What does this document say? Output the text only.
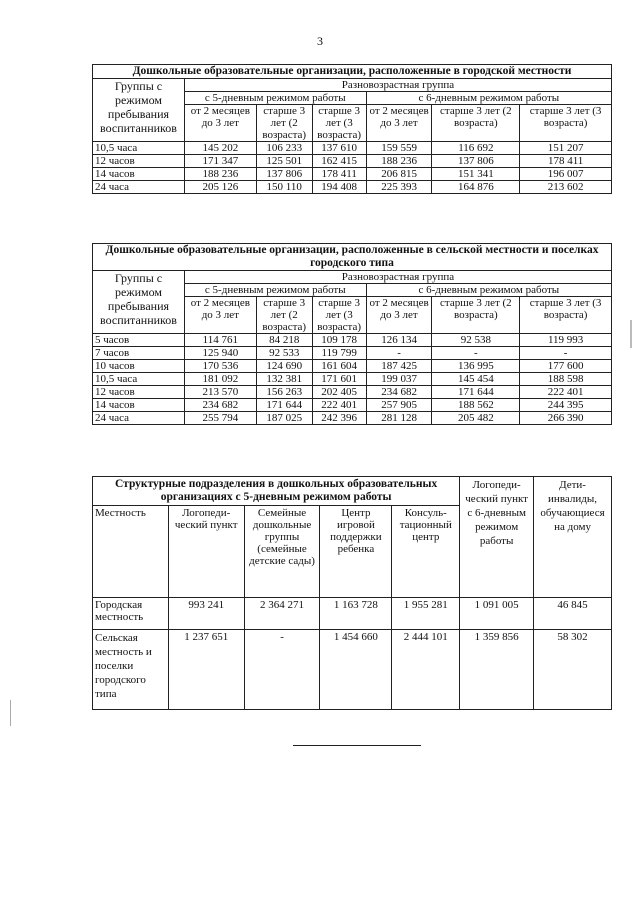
3
Дошкольные образовательные организации, расположенные в городской местности						
Группы с режимом пребывания воспитанников	Разновозрастная группа					
	с 5-дневным режимом работы			с 6-дневным режимом работы		
	от 2 месяцев до 3 лет	старше 3 лет (2 возраста)	старше 3 лет (3 возраста)	от 2 месяцев до 3 лет	старше 3 лет (2 возраста)	старше 3 лет (3 возраста)
10,5 часа	145 202	106 233	137 610	159 559	116 692	151 207
12 часов	171 347	125 501	162 415	188 236	137 806	178 411
14 часов	188 236	137 806	178 411	206 815	151 341	196 007
24 часа	205 126	150 110	194 408	225 393	164 876	213 602
Дошкольные образовательные организации, расположенные в сельской местности и поселках городского типа						
Группы с режимом пребывания воспитанников	Разновозрастная группа					
	с 5-дневным режимом работы			с 6-дневным режимом работы		
	от 2 месяцев до 3 лет	старше 3 лет (2 возраста)	старше 3 лет (3 возраста)	от 2 месяцев до 3 лет	старше 3 лет (2 возраста)	старше 3 лет (3 возраста)
5 часов	114 761	84 218	109 178	126 134	92 538	119 993
7 часов	125 940	92 533	119 799	-	-	-
10 часов	170 536	124 690	161 604	187 425	136 995	177 600
10,5 часа	181 092	132 381	171 601	199 037	145 454	188 598
12 часов	213 570	156 263	202 405	234 682	171 644	222 401
14 часов	234 682	171 644	222 401	257 905	188 562	244 395
24 часа	255 794	187 025	242 396	281 128	205 482	266 390
Структурные подразделения в дошкольных образовательных организациях с 5-дневным режимом работы					Логопеди-ческий пункт с 6-дневным режимом работы	Дети-инвалиды, обучающиеся на дому
Местность	Логопеди-ческий пункт	Семейные дошкольные группы (семейные детские сады)	Центр игровой поддержки ребенка	Консуль-тационный центр		
Городская местность	993 241	2 364 271	1 163 728	1 955 281	1 091 005	46 845
Сельская местность и поселки городского типа	1 237 651	-	1 454 660	2 444 101	1 359 856	58 302
